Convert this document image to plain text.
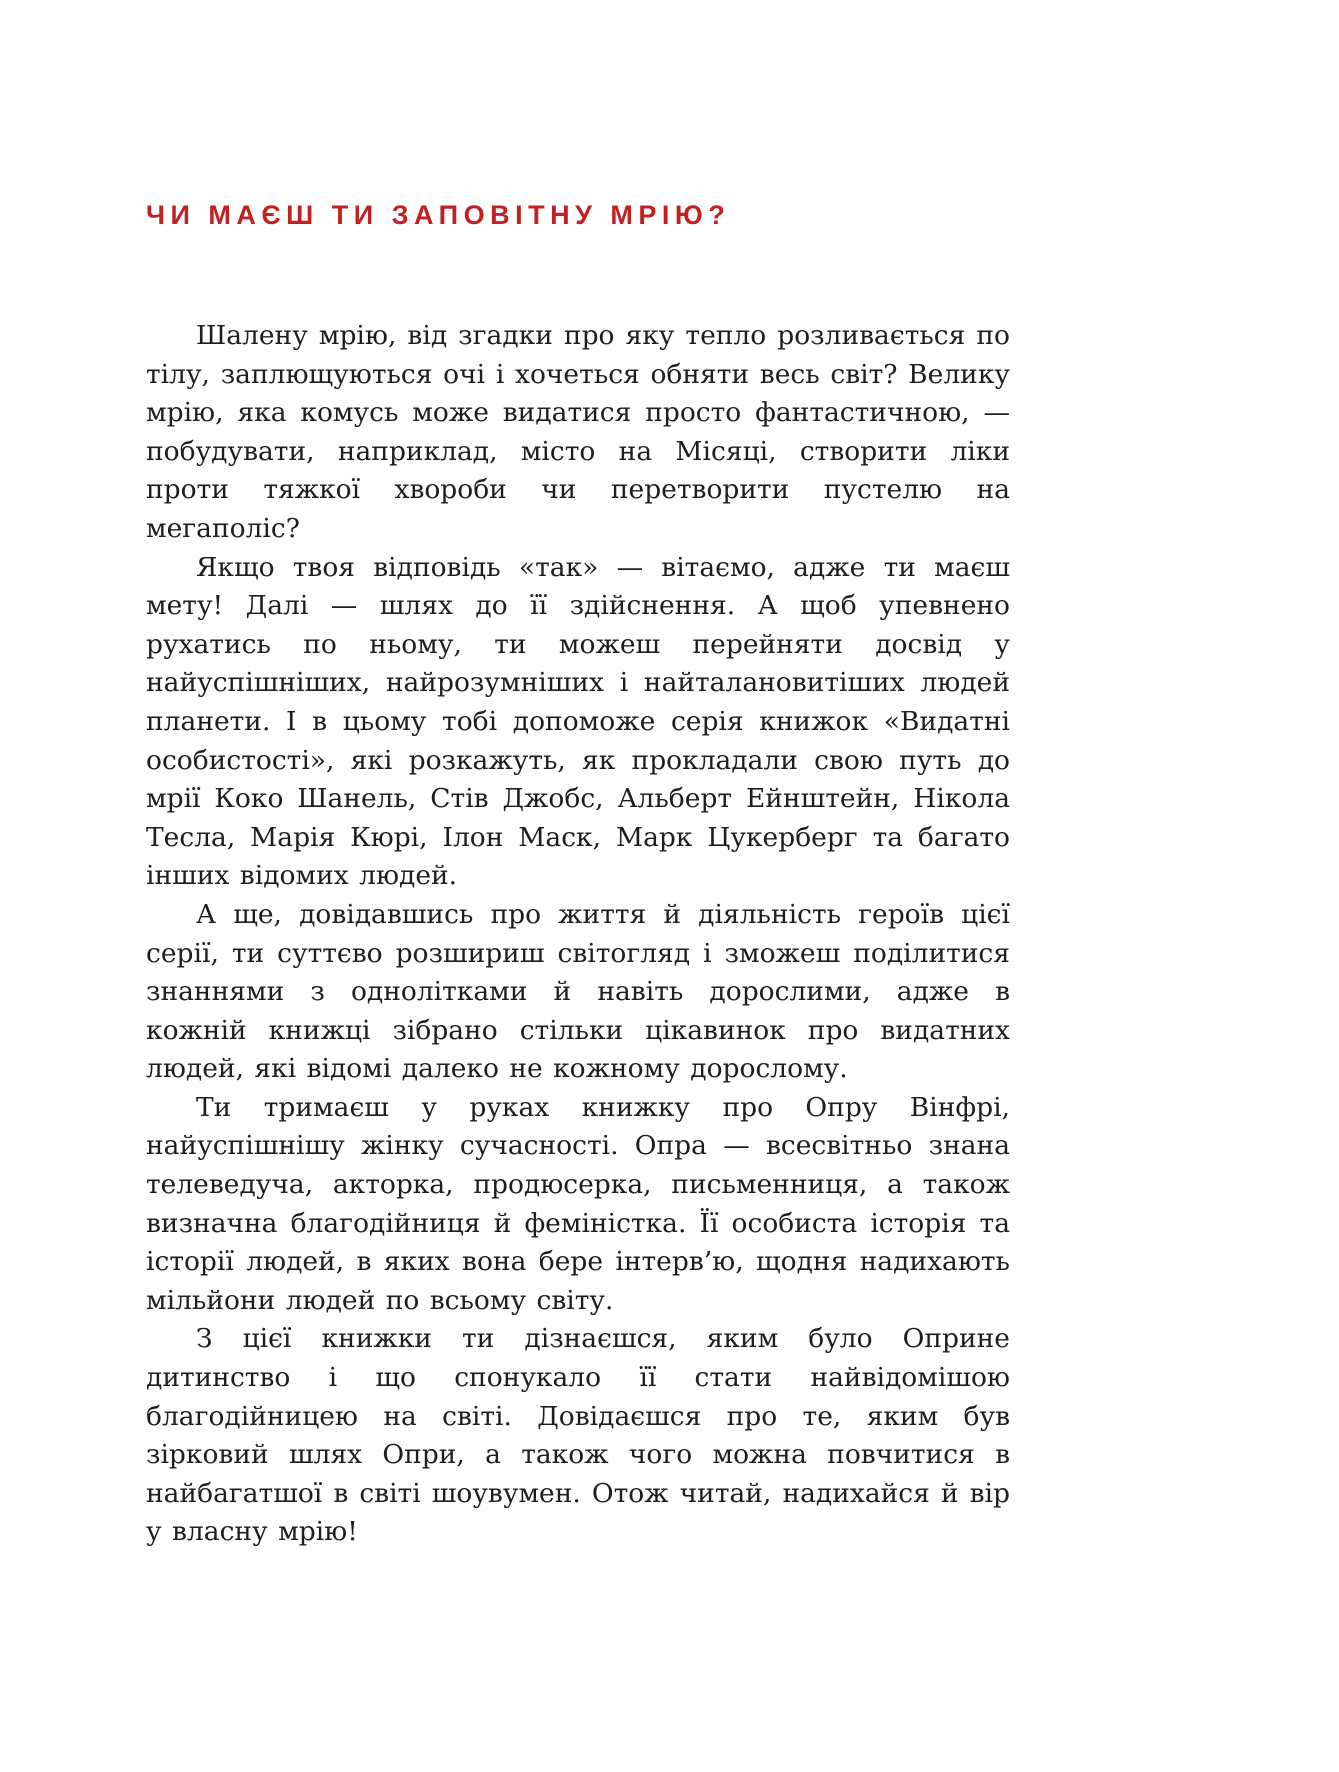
ЧИ МАЄШ ТИ ЗАПОВІТНУ МРІЮ?

Шалену мрію, від згадки про яку тепло розливається по тілу, заплющуються очі і хочеться обняти весь світ? Велику мрію, яка комусь може видатися просто фантастичною, — побудувати, наприклад, місто на Місяці, створити ліки проти тяжкої хвороби чи перетворити пустелю на мегаполіс?

Якщо твоя відповідь «так» — вітаємо, адже ти маєш мету! Далі — шлях до її здійснення. А щоб упевнено рухатись по ньому, ти можеш перейняти досвід у найуспішніших, найрозумніших і найталановитіших людей планети. І в цьому тобі допоможе серія книжок «Видатні особистості», які розкажуть, як прокладали свою путь до мрії Коко Шанель, Стів Джобс, Альберт Ейнштейн, Нікола Тесла, Марія Кюрі, Ілон Маск, Марк Цукерберг та багато інших відомих людей.

А ще, довідавшись про життя й діяльність героїв цієї серії, ти суттєво розшириш світогляд і зможеш поділитися знаннями з однолітками й навіть дорослими, адже в кожній книжці зібрано стільки цікавинок про видатних людей, які відомі далеко не кожному дорослому.

Ти тримаєш у руках книжку про Опру Вінфрі, найуспішнішу жінку сучасності. Опра — всесвітньо знана телеведуча, акторка, продюсерка, письменниця, а також визначна благодійниця й феміністка. Її особиста історія та історії людей, в яких вона бере інтерв’ю, щодня надихають мільйони людей по всьому світу.

З цієї книжки ти дізнаєшся, яким було Оприне дитинство і що спонукало її стати найвідомішою благодійницею на світі. Довідаєшся про те, яким був зірковий шлях Опри, а також чого можна повчитися в найбагатшої в світі шоувумен. Отож читай, надихайся й вір у власну мрію!
